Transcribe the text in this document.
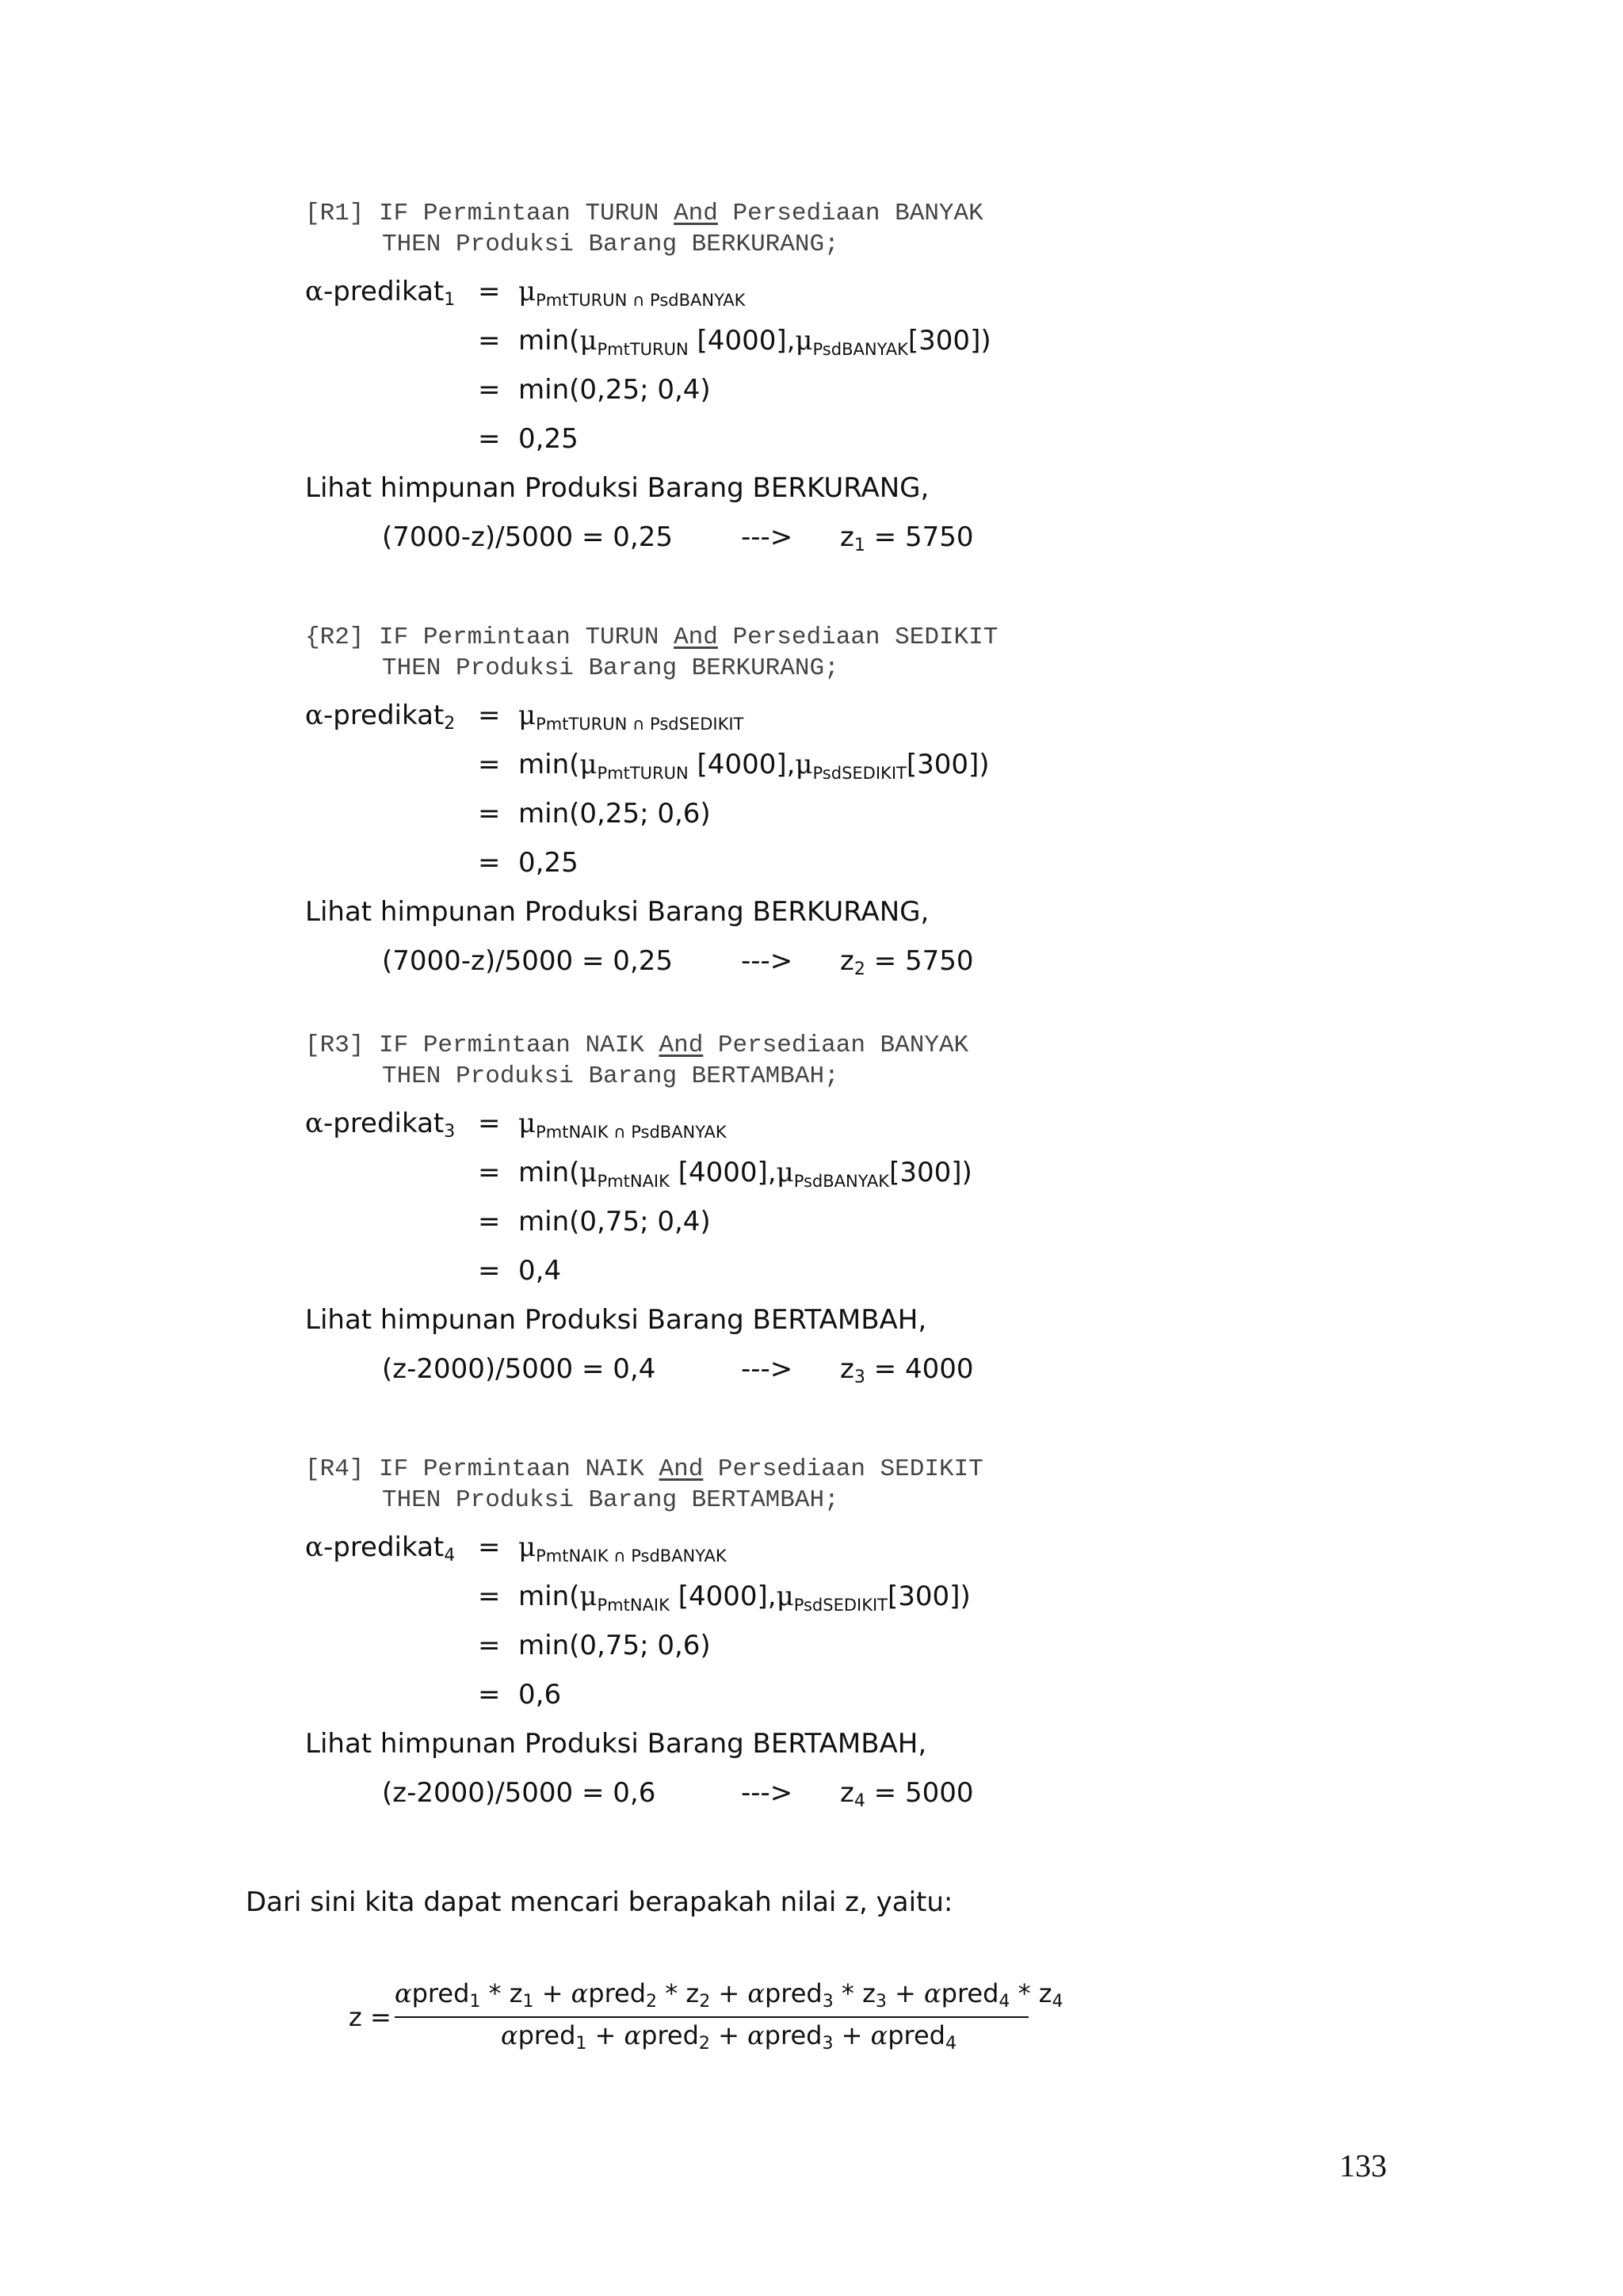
[R1] IF Permintaan TURUN And Persediaan BANYAK
THEN Produksi Barang BERKURANG;
α-predikat$_1$ = $\mu_{PmtTURUN \cap PsdBANYAK}$
= $\min(\mu_{PmtTURUN}$ $[4000],\mu_{PsdBANYAK}[300]$)
= min(0,25; 0,4)
= 0,25
Lihat himpunan Produksi Barang BERKURANG,
(7000-z)/5000 = 0,25	---> $z_1 = 5750$
{R2] IF Permintaan TURUN And Persediaan SEDIKIT
THEN Produksi Barang BERKURANG;
α-predikat$_2$ = $\mu_{PmtTURUN \cap PsdSEDIKIT}$
= $\min(\mu_{PmtTURUN}$ $[4000],\mu_{PsdSEDIKIT}[300]$)
= min(0,25; 0,6)
= 0,25
Lihat himpunan Produksi Barang BERKURANG,
(7000-z)/5000 = 0,25	---> $z_2 = 5750$
[R3] IF Permintaan NAIK And Persediaan BANYAK
THEN Produksi Barang BERTAMBAH;
α-predikat$_3$ = $\mu_{PmtNAIK \cap PsdBANYAK}$
= $\min(\mu_{PmtNAIK}$ $[4000],\mu_{PsdBANYAK}[300]$)
= min(0,75; 0,4)
= 0,4
Lihat himpunan Produksi Barang BERTAMBAH,
(z-2000)/5000 = 0,4	---> $z_3 = 4000$
[R4] IF Permintaan NAIK And Persediaan SEDIKIT
THEN Produksi Barang BERTAMBAH;
α-predikat$_4$ = $\mu_{PmtNAIK \cap PsdBANYAK}$
= $\min(\mu_{PmtNAIK}$ $[4000],\mu_{PsdSEDIKIT}[300]$)
= min(0,75; 0,6)
= 0,6
Lihat himpunan Produksi Barang BERTAMBAH,
(z-2000)/5000 = 0,6	---> $z_4 = 5000$
Dari sini kita dapat mencari berapakah nilai z, yaitu:
z =
αpred$_1$ * $z_1$ + αpred$_2$ * $z_2$ + αpred$_3$ * $z_3$ + αpred$_4$ * $z_4$
αpred$_1$ + αpred$_2$ + αpred$_3$ + αpred$_4$
133
